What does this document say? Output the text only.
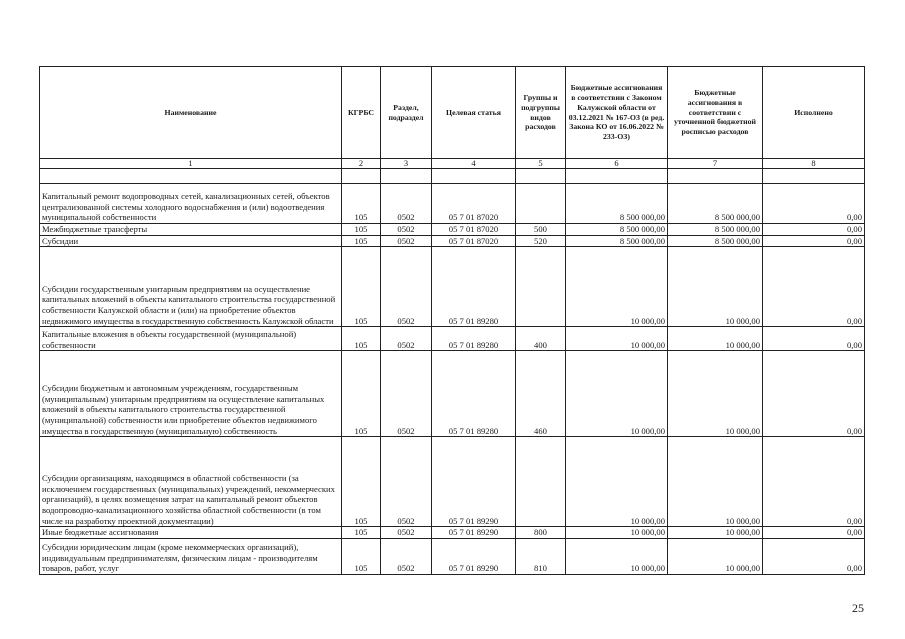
Наименование	КГРБС	Раздел, подраздел	Целевая статья	Группы и подгруппы видов расходов	Бюджетные ассигнования в соответствии с Законом Калужской области от 03.12.2021 № 167-ОЗ (в ред. Закона КО от 16.06.2022 № 233-ОЗ)	Бюджетные ассигнования в соответствии с уточненной бюджетной росписью расходов	Исполнено
1	2	3	4	5	6	7	8

Капитальный ремонт водопроводных сетей, канализационных сетей, объектов централизованной системы холодного водоснабжения и (или) водоотведения муниципальной собственности	105	0502	05 7 01 87020		8 500 000,00	8 500 000,00	0,00
Межбюджетные трансферты	105	0502	05 7 01 87020	500	8 500 000,00	8 500 000,00	0,00
Субсидии	105	0502	05 7 01 87020	520	8 500 000,00	8 500 000,00	0,00
Субсидии государственным унитарным предприятиям на осуществление капитальных вложений в объекты капитального строительства государственной собственности Калужской области и (или) на приобретение объектов недвижимого имущества в государственную собственность Калужской области	105	0502	05 7 01 89280		10 000,00	10 000,00	0,00
Капитальные вложения в объекты государственной (муниципальной) собственности	105	0502	05 7 01 89280	400	10 000,00	10 000,00	0,00
Субсидии бюджетным и автономным учреждениям, государственным (муниципальным) унитарным предприятиям на осуществление капитальных вложений в объекты капитального строительства государственной (муниципальной) собственности или приобретение объектов недвижимого имущества в государственную (муниципальную) собственность	105	0502	05 7 01 89280	460	10 000,00	10 000,00	0,00
Субсидии организациям, находящимся в областной собственности (за исключением государственных (муниципальных) учреждений, некоммерческих организаций), в целях возмещения затрат на капитальный ремонт объектов водопроводно-канализационного хозяйства областной собственности (в том числе на разработку проектной документации)	105	0502	05 7 01 89290		10 000,00	10 000,00	0,00
Иные бюджетные ассигнования	105	0502	05 7 01 89290	800	10 000,00	10 000,00	0,00
Субсидии юридическим лицам (кроме некоммерческих организаций), индивидуальным предпринимателям, физическим лицам - производителям товаров, работ, услуг	105	0502	05 7 01 89290	810	10 000,00	10 000,00	0,00
25
